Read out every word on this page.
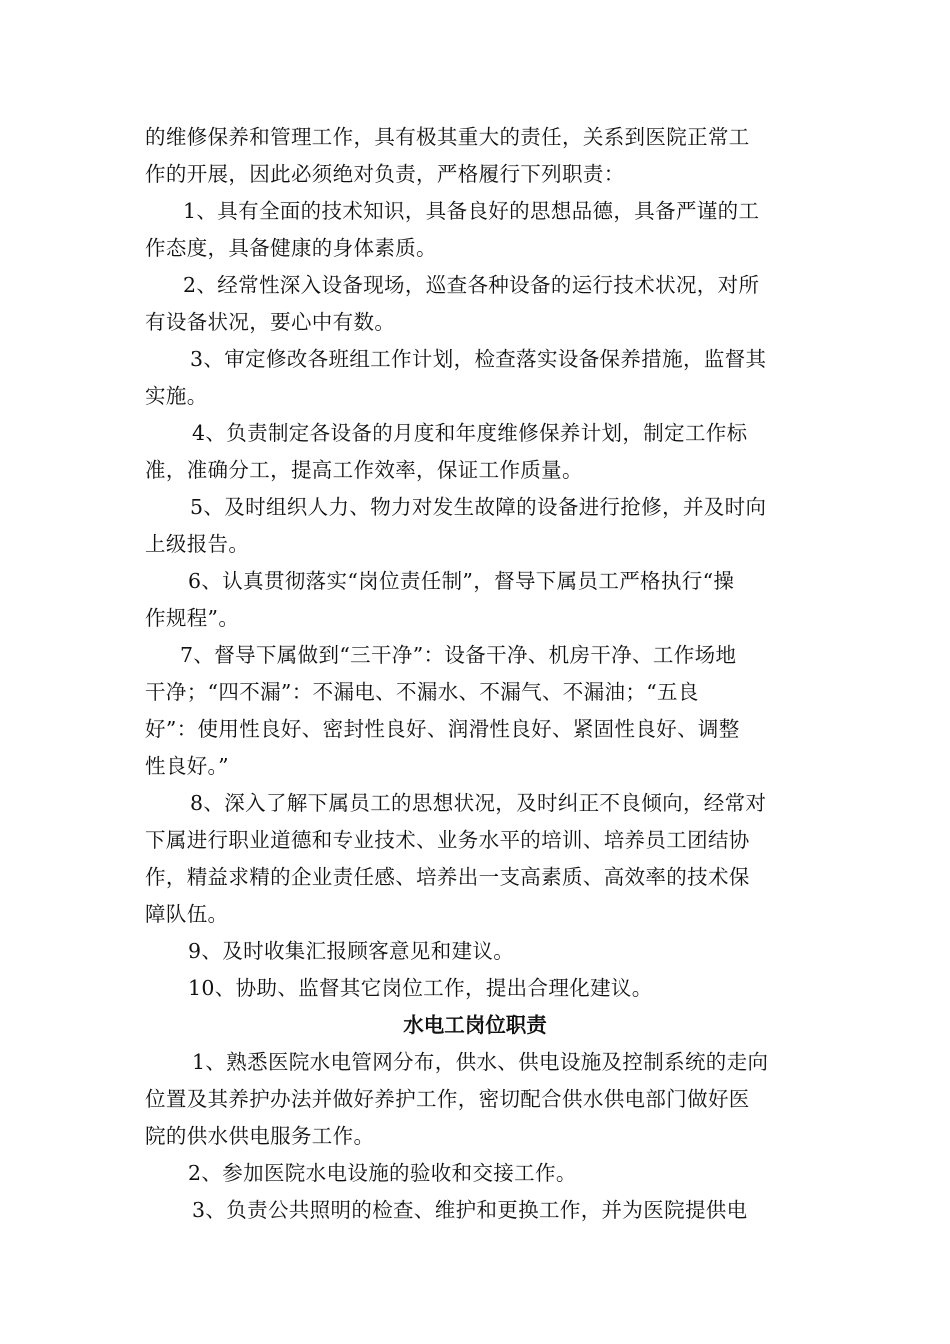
的维修保养和管理工作，具有极其重大的责任，关系到医院正常工
作的开展，因此必须绝对负责，严格履行下列职责：
1、具有全面的技术知识，具备良好的思想品德，具备严谨的工
作态度，具备健康的身体素质。
2、经常性深入设备现场，巡查各种设备的运行技术状况，对所
有设备状况，要心中有数。
3、审定修改各班组工作计划，检查落实设备保养措施，监督其
实施。
4、负责制定各设备的月度和年度维修保养计划，制定工作标
准，准确分工，提高工作效率，保证工作质量。
5、及时组织人力、物力对发生故障的设备进行抢修，并及时向
上级报告。
6、认真贯彻落实“岗位责任制”，督导下属员工严格执行“操
作规程”。
7、督导下属做到“三干净”：设备干净、机房干净、工作场地
干净；“四不漏”：不漏电、不漏水、不漏气、不漏油；“五良
好”：使用性良好、密封性良好、润滑性良好、紧固性良好、调整
性良好。”
8、深入了解下属员工的思想状况，及时纠正不良倾向，经常对
下属进行职业道德和专业技术、业务水平的培训、培养员工团结协
作，精益求精的企业责任感、培养出一支高素质、高效率的技术保
障队伍。
9、及时收集汇报顾客意见和建议。
10、协助、监督其它岗位工作，提出合理化建议。
水电工岗位职责
1、熟悉医院水电管网分布，供水、供电设施及控制系统的走向
位置及其养护办法并做好养护工作，密切配合供水供电部门做好医
院的供水供电服务工作。
2、参加医院水电设施的验收和交接工作。
3、负责公共照明的检查、维护和更换工作，并为医院提供电
